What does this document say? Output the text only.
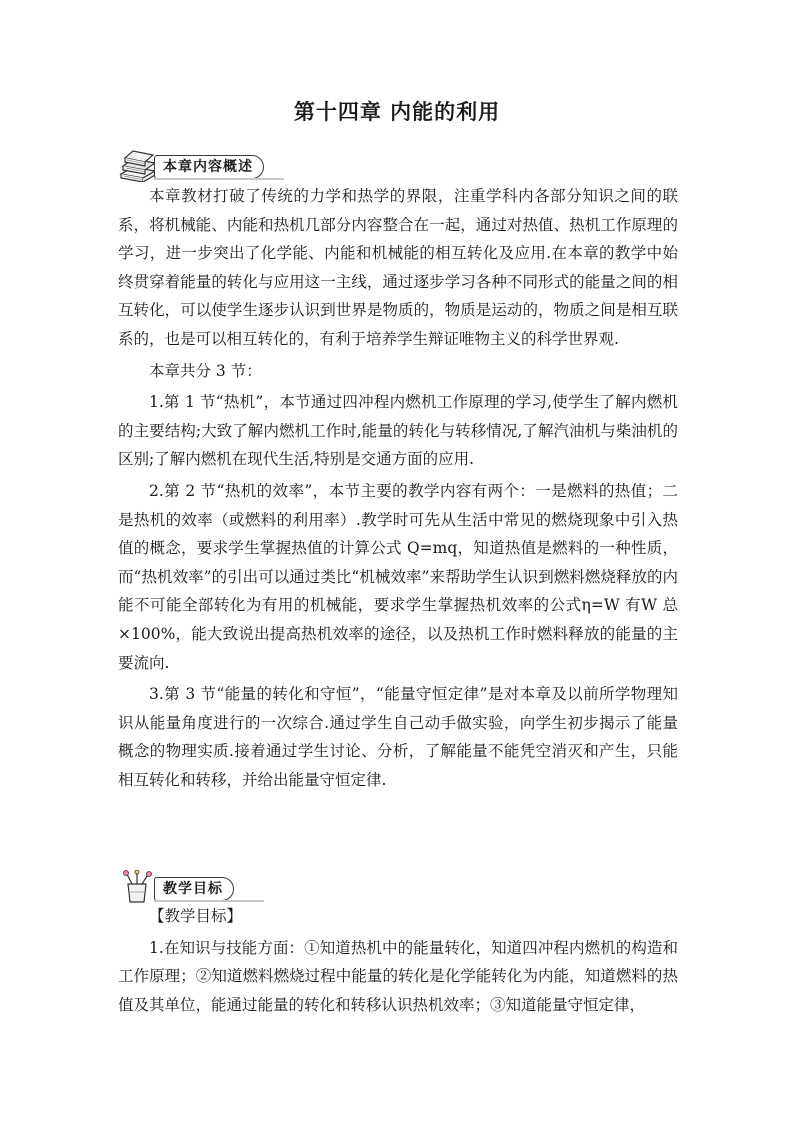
第十四章 内能的利用
本章内容概述

本章教材打破了传统的力学和热学的界限，注重学科内各部分知识之间的联系，将机械能、内能和热机几部分内容整合在一起，通过对热值、热机工作原理的学习，进一步突出了化学能、内能和机械能的相互转化及应用.在本章的教学中始终贯穿着能量的转化与应用这一主线，通过逐步学习各种不同形式的能量之间的相互转化，可以使学生逐步认识到世界是物质的，物质是运动的，物质之间是相互联系的，也是可以相互转化的，有利于培养学生辩证唯物主义的科学世界观.

本章共分 3 节：

1.第 1 节“热机”，本节通过四冲程内燃机工作原理的学习,使学生了解内燃机的主要结构;大致了解内燃机工作时,能量的转化与转移情况,了解汽油机与柴油机的区别;了解内燃机在现代生活,特别是交通方面的应用.

2.第 2 节“热机的效率”，本节主要的教学内容有两个：一是燃料的热值；二是热机的效率（或燃料的利用率）.教学时可先从生活中常见的燃烧现象中引入热值的概念，要求学生掌握热值的计算公式 Q=mq，知道热值是燃料的一种性质，而“热机效率”的引出可以通过类比“机械效率”来帮助学生认识到燃料燃烧释放的内能不可能全部转化为有用的机械能，要求学生掌握热机效率的公式η=W 有W 总×100%，能大致说出提高热机效率的途径，以及热机工作时燃料释放的能量的主要流向.

3.第 3 节“能量的转化和守恒”，“能量守恒定律”是对本章及以前所学物理知识从能量角度进行的一次综合.通过学生自己动手做实验，向学生初步揭示了能量概念的物理实质.接着通过学生讨论、分析，了解能量不能凭空消灭和产生，只能相互转化和转移，并给出能量守恒定律.

教学目标

【教学目标】

1.在知识与技能方面：①知道热机中的能量转化，知道四冲程内燃机的构造和工作原理；②知道燃料燃烧过程中能量的转化是化学能转化为内能，知道燃料的热值及其单位，能通过能量的转化和转移认识热机效率；③知道能量守恒定律，
